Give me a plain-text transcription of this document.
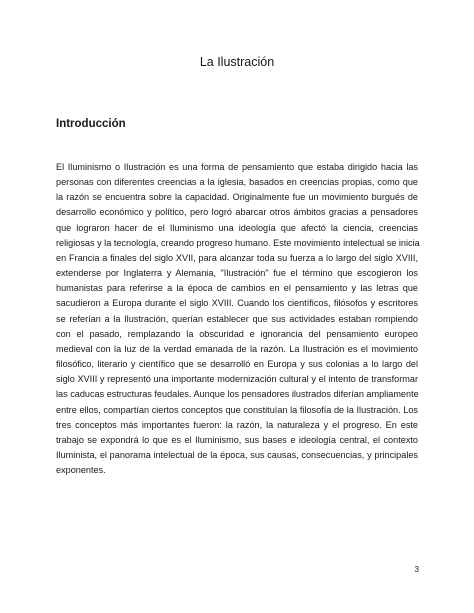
La Ilustración
Introducción

El Iluminismo o Ilustración es una forma de pensamiento que estaba dirigido hacia las
personas con diferentes creencias a la iglesia, basados en creencias propias, como que
la razón se encuentra sobre la capacidad. Originalmente fue un movimiento burgués de
desarrollo económico y político, pero logró abarcar otros ámbitos gracias a pensadores
que lograron hacer de el Iluminismo una ideología que afectó la ciencia, creencias
religiosas y la tecnología, creando progreso humano. Este movimiento intelectual se inicia
en Francia a finales del siglo XVII, para alcanzar toda su fuerza a lo largo del siglo XVIII,
extenderse por Inglaterra y Alemania, "Ilustración" fue el término que escogieron los
humanistas para referirse a la época de cambios en el pensamiento y las letras que
sacudieron a Europa durante el siglo XVIII. Cuando los científicos, filósofos y escritores
se referían a la Ilustración, querían establecer que sus actividades estaban rompiendo
con el pasado, remplazando la obscuridad e ignorancia del pensamiento europeo
medieval con la luz de la verdad emanada de la razón. La Ilustración es el movimiento
filosófico, literario y científico que se desarrolló en Europa y sus colonias a lo largo del
siglo XVIII y representó una importante modernización cultural y el intento de transformar
las caducas estructuras feudales. Aunque los pensadores ilustrados diferían ampliamente
entre ellos, compartían ciertos conceptos que constituían la filosofía de la Ilustración. Los
tres conceptos más importantes fueron: la razón, la naturaleza y el progreso. En este
trabajo se expondrá lo que es el Iluminismo, sus bases e ideología central, el contexto
Iluminista, el panorama intelectual de la época, sus causas, consecuencias, y principales
exponentes.

3
